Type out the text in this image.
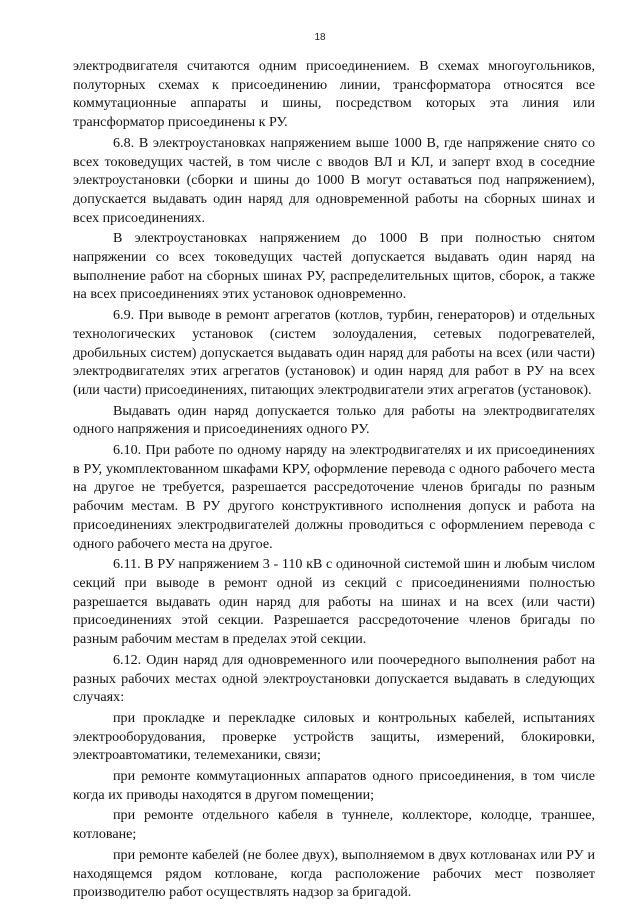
18

электродвигателя считаются одним присоединением. В схемах многоугольников, полуторных схемах к присоединению линии, трансформатора относятся все коммутационные аппараты и шины, посредством которых эта линия или трансформатор присоединены к РУ.

6.8. В электроустановках напряжением выше 1000 В, где напряжение снято со всех токоведущих частей, в том числе с вводов ВЛ и КЛ, и заперт вход в соседние электроустановки (сборки и шины до 1000 В могут оставаться под напряжением), допускается выдавать один наряд для одновременной работы на сборных шинах и всех присоединениях.

В электроустановках напряжением до 1000 В при полностью снятом напряжении со всех токоведущих частей допускается выдавать один наряд на выполнение работ на сборных шинах РУ, распределительных щитов, сборок, а также на всех присоединениях этих установок одновременно.

6.9. При выводе в ремонт агрегатов (котлов, турбин, генераторов) и отдельных технологических установок (систем золоудаления, сетевых подогревателей, дробильных систем) допускается выдавать один наряд для работы на всех (или части) электродвигателях этих агрегатов (установок) и один наряд для работ в РУ на всех (или части) присоединениях, питающих электродвигатели этих агрегатов (установок).

Выдавать один наряд допускается только для работы на электродвигателях одного напряжения и присоединениях одного РУ.

6.10. При работе по одному наряду на электродвигателях и их присоединениях в РУ, укомплектованном шкафами КРУ, оформление перевода с одного рабочего места на другое не требуется, разрешается рассредоточение членов бригады по разным рабочим местам. В РУ другого конструктивного исполнения допуск и работа на присоединениях электродвигателей должны проводиться с оформлением перевода с одного рабочего места на другое.

6.11. В РУ напряжением 3 - 110 кВ с одиночной системой шин и любым числом секций при выводе в ремонт одной из секций с присоединениями полностью разрешается выдавать один наряд для работы на шинах и на всех (или части) присоединениях этой секции. Разрешается рассредоточение членов бригады по разным рабочим местам в пределах этой секции.

6.12. Один наряд для одновременного или поочередного выполнения работ на разных рабочих местах одной электроустановки допускается выдавать в следующих случаях:

при прокладке и перекладке силовых и контрольных кабелей, испытаниях электрооборудования, проверке устройств защиты, измерений, блокировки, электроавтоматики, телемеханики, связи;

при ремонте коммутационных аппаратов одного присоединения, в том числе когда их приводы находятся в другом помещении;

при ремонте отдельного кабеля в туннеле, коллекторе, колодце, траншее, котловане;

при ремонте кабелей (не более двух), выполняемом в двух котлованах или РУ и находящемся рядом котловане, когда расположение рабочих мест позволяет производителю работ осуществлять надзор за бригадой.
